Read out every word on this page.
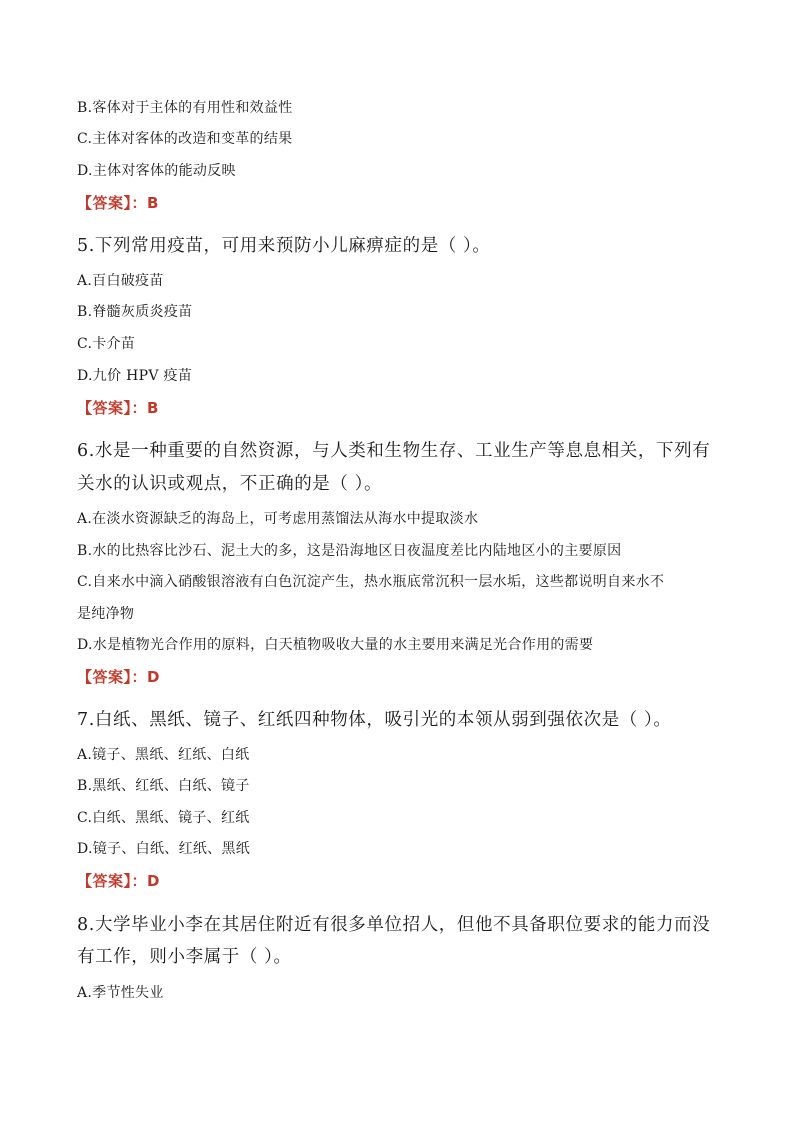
B.客体对于主体的有用性和效益性
C.主体对客体的改造和变革的结果
D.主体对客体的能动反映
【答案】：B
5.下列常用疫苗，可用来预防小儿麻痹症的是（ ）。
A.百白破疫苗
B.脊髓灰质炎疫苗
C.卡介苗
D.九价 HPV 疫苗
【答案】：B
6.水是一种重要的自然资源，与人类和生物生存、工业生产等息息相关，下列有
关水的认识或观点，不正确的是（ ）。
A.在淡水资源缺乏的海岛上，可考虑用蒸馏法从海水中提取淡水
B.水的比热容比沙石、泥土大的多，这是沿海地区日夜温度差比内陆地区小的主要原因
C.自来水中滴入硝酸银溶液有白色沉淀产生，热水瓶底常沉积一层水垢，这些都说明自来水不
是纯净物
D.水是植物光合作用的原料，白天植物吸收大量的水主要用来满足光合作用的需要
【答案】：D
7.白纸、黑纸、镜子、红纸四种物体，吸引光的本领从弱到强依次是（ ）。
A.镜子、黑纸、红纸、白纸
B.黑纸、红纸、白纸、镜子
C.白纸、黑纸、镜子、红纸
D.镜子、白纸、红纸、黑纸
【答案】：D
8.大学毕业小李在其居住附近有很多单位招人，但他不具备职位要求的能力而没
有工作，则小李属于（ ）。
A.季节性失业
